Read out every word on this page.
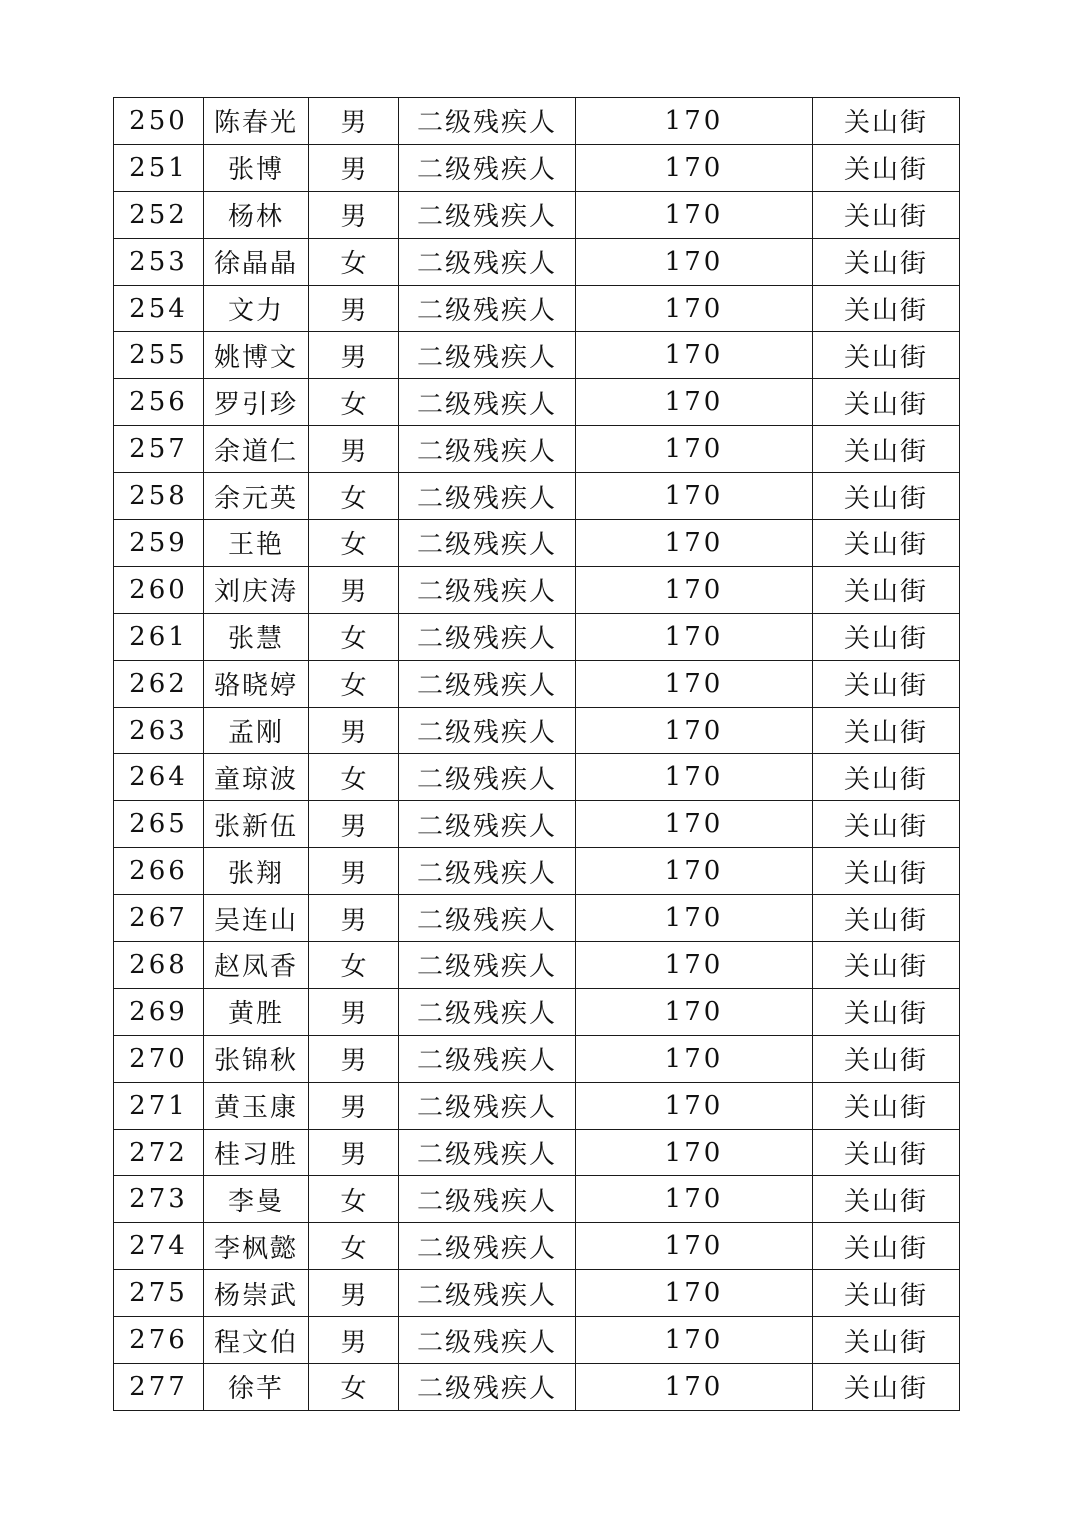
250	陈春光	男	二级残疾人	170	关山街
251	张博	男	二级残疾人	170	关山街
252	杨林	男	二级残疾人	170	关山街
253	徐晶晶	女	二级残疾人	170	关山街
254	文力	男	二级残疾人	170	关山街
255	姚博文	男	二级残疾人	170	关山街
256	罗引珍	女	二级残疾人	170	关山街
257	余道仁	男	二级残疾人	170	关山街
258	余元英	女	二级残疾人	170	关山街
259	王艳	女	二级残疾人	170	关山街
260	刘庆涛	男	二级残疾人	170	关山街
261	张慧	女	二级残疾人	170	关山街
262	骆晓婷	女	二级残疾人	170	关山街
263	孟刚	男	二级残疾人	170	关山街
264	童琼波	女	二级残疾人	170	关山街
265	张新伍	男	二级残疾人	170	关山街
266	张翔	男	二级残疾人	170	关山街
267	吴连山	男	二级残疾人	170	关山街
268	赵凤香	女	二级残疾人	170	关山街
269	黄胜	男	二级残疾人	170	关山街
270	张锦秋	男	二级残疾人	170	关山街
271	黄玉康	男	二级残疾人	170	关山街
272	桂习胜	男	二级残疾人	170	关山街
273	李曼	女	二级残疾人	170	关山街
274	李枫懿	女	二级残疾人	170	关山街
275	杨崇武	男	二级残疾人	170	关山街
276	程文伯	男	二级残疾人	170	关山街
277	徐芊	女	二级残疾人	170	关山街
